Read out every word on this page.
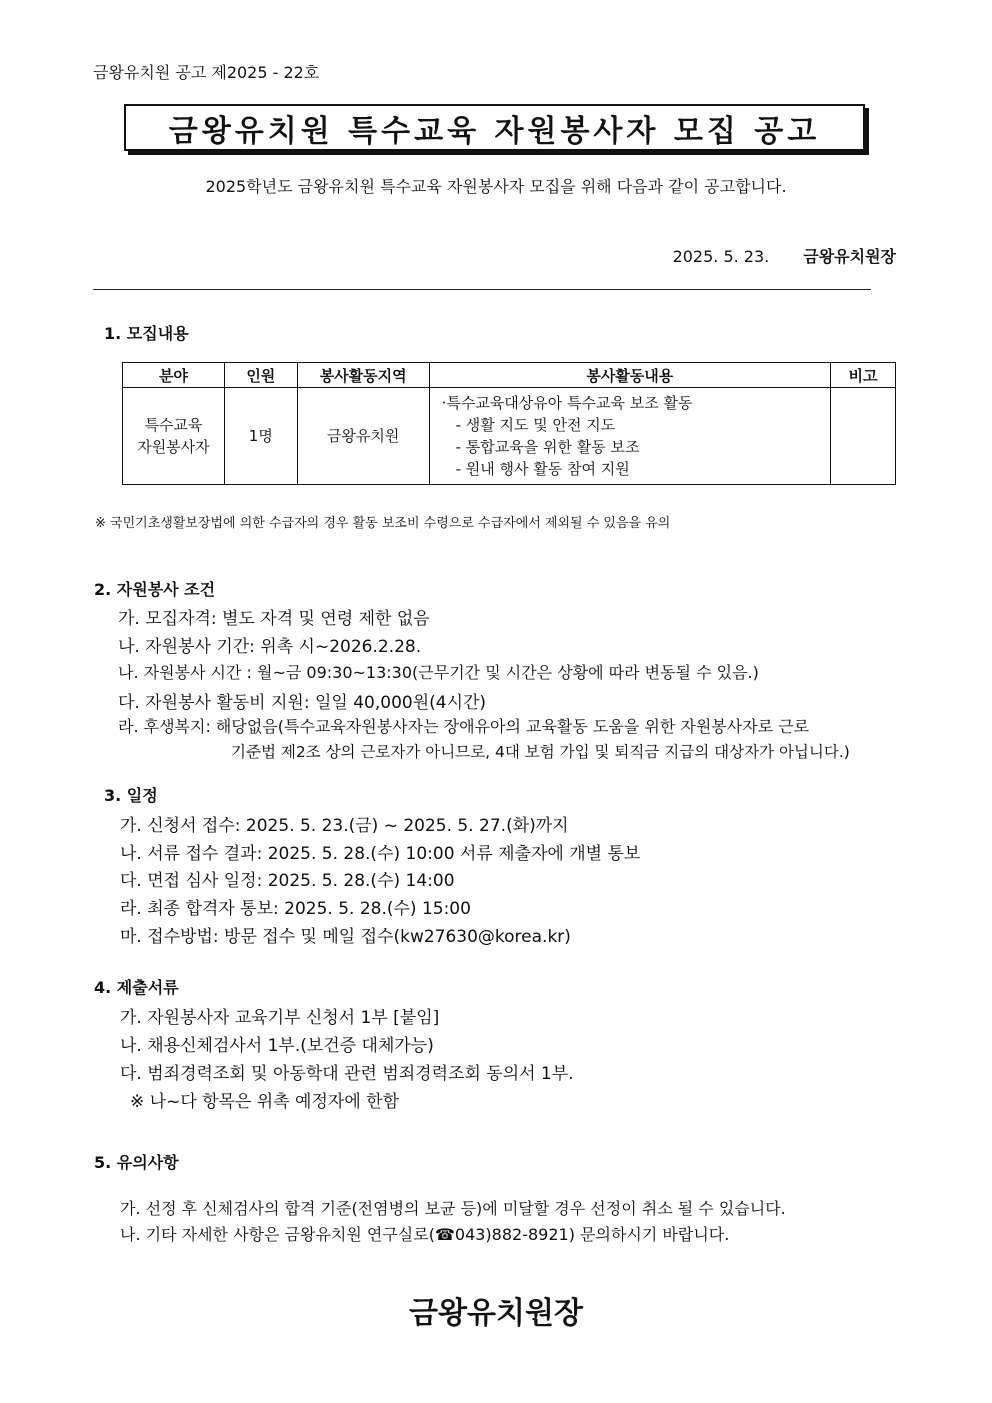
금왕유치원 공고 제2025 - 22호
금왕유치원 특수교육 자원봉사자 모집 공고
2025학년도 금왕유치원 특수교육 자원봉사자 모집을 위해 다음과 같이 공고합니다.
2025. 5. 23. 금왕유치원장
1. 모집내용
분야	인원	봉사활동지역	봉사활동내용	비고

특수교육
자원봉사자	1명	금왕유치원	·특수교육대상유아 특수교육 보조 활동
- 생활 지도 및 안전 지도
- 통합교육을 위한 활동 보조
- 원내 행사 활동 참여 지원	

※ 국민기초생활보장법에 의한 수급자의 경우 활동 보조비 수령으로 수급자에서 제외될 수 있음을 유의
2. 자원봉사 조건
가. 모집자격: 별도 자격 및 연령 제한 없음
나. 자원봉사 기간: 위촉 시~2026.2.28.
나. 자원봉사 시간 : 월~금 09:30~13:30(근무기간 및 시간은 상황에 따라 변동될 수 있음.)
다. 자원봉사 활동비 지원: 일일 40,000원(4시간)
라. 후생복지: 해당없음(특수교육자원봉사자는 장애유아의 교육활동 도움을 위한 자원봉사자로 근로
기준법 제2조 상의 근로자가 아니므로, 4대 보험 가입 및 퇴직금 지급의 대상자가 아닙니다.)
3. 일정
가. 신청서 접수: 2025. 5. 23.(금) ~ 2025. 5. 27.(화)까지
나. 서류 접수 결과: 2025. 5. 28.(수) 10:00 서류 제출자에 개별 통보
다. 면접 심사 일정: 2025. 5. 28.(수) 14:00
라. 최종 합격자 통보: 2025. 5. 28.(수) 15:00
마. 접수방법: 방문 접수 및 메일 접수(kw27630@korea.kr)
4. 제출서류
가. 자원봉사자 교육기부 신청서 1부 [붙임]
나. 채용신체검사서 1부.(보건증 대체가능)
다. 범죄경력조회 및 아동학대 관련 범죄경력조회 동의서 1부.
※ 나~다 항목은 위촉 예정자에 한함
5. 유의사항
가. 선정 후 신체검사의 합격 기준(전염병의 보균 등)에 미달할 경우 선정이 취소 될 수 있습니다.
나. 기타 자세한 사항은 금왕유치원 연구실로(☎043)882-8921) 문의하시기 바랍니다.
금왕유치원장
